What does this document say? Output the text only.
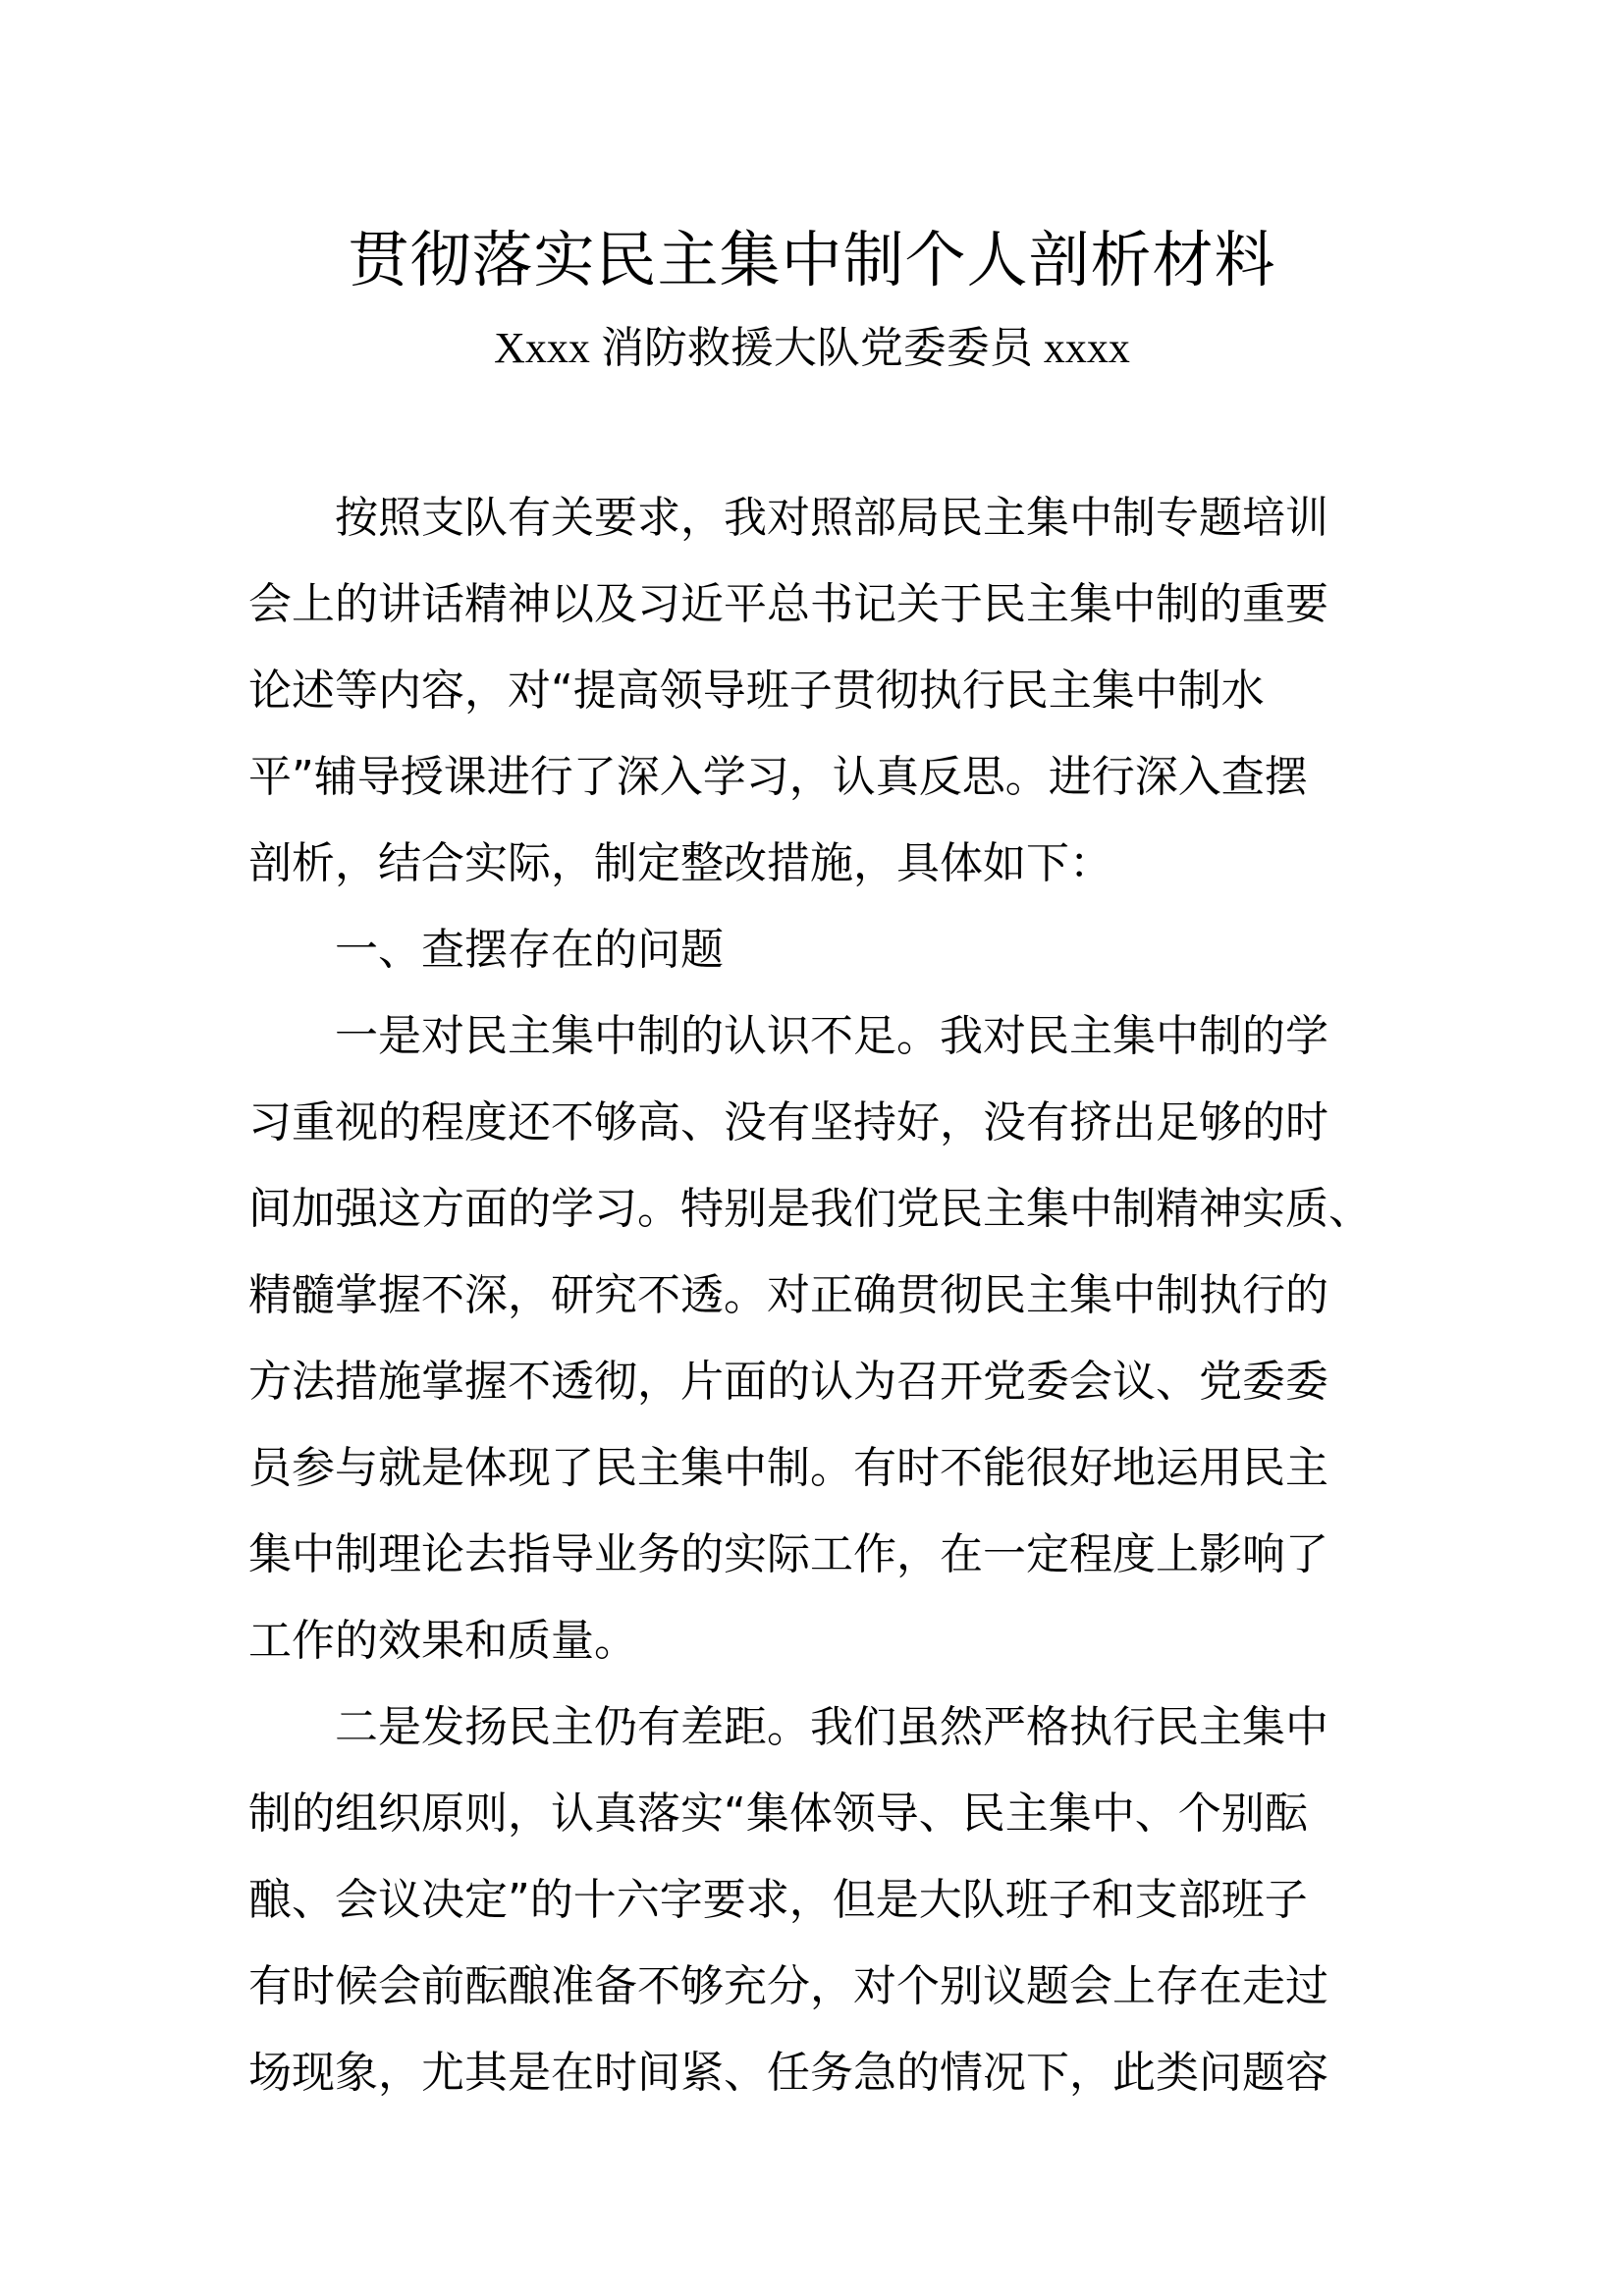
贯彻落实民主集中制个人剖析材料
Xxxx 消防救援大队党委委员 xxxx
按照支队有关要求，我对照部局民主集中制专题培训
会上的讲话精神以及习近平总书记关于民主集中制的重要
论述等内容，对“提高领导班子贯彻执行民主集中制水
平”辅导授课进行了深入学习，认真反思。进行深入查摆
剖析，结合实际，制定整改措施，具体如下：
一、查摆存在的问题
一是对民主集中制的认识不足。我对民主集中制的学
习重视的程度还不够高、没有坚持好，没有挤出足够的时
间加强这方面的学习。特别是我们党民主集中制精神实质、
精髓掌握不深，研究不透。对正确贯彻民主集中制执行的
方法措施掌握不透彻，片面的认为召开党委会议、党委委
员参与就是体现了民主集中制。有时不能很好地运用民主
集中制理论去指导业务的实际工作，在一定程度上影响了
工作的效果和质量。
二是发扬民主仍有差距。我们虽然严格执行民主集中
制的组织原则，认真落实“集体领导、民主集中、个别酝
酿、会议决定”的十六字要求，但是大队班子和支部班子
有时候会前酝酿准备不够充分，对个别议题会上存在走过
场现象，尤其是在时间紧、任务急的情况下，此类问题容
